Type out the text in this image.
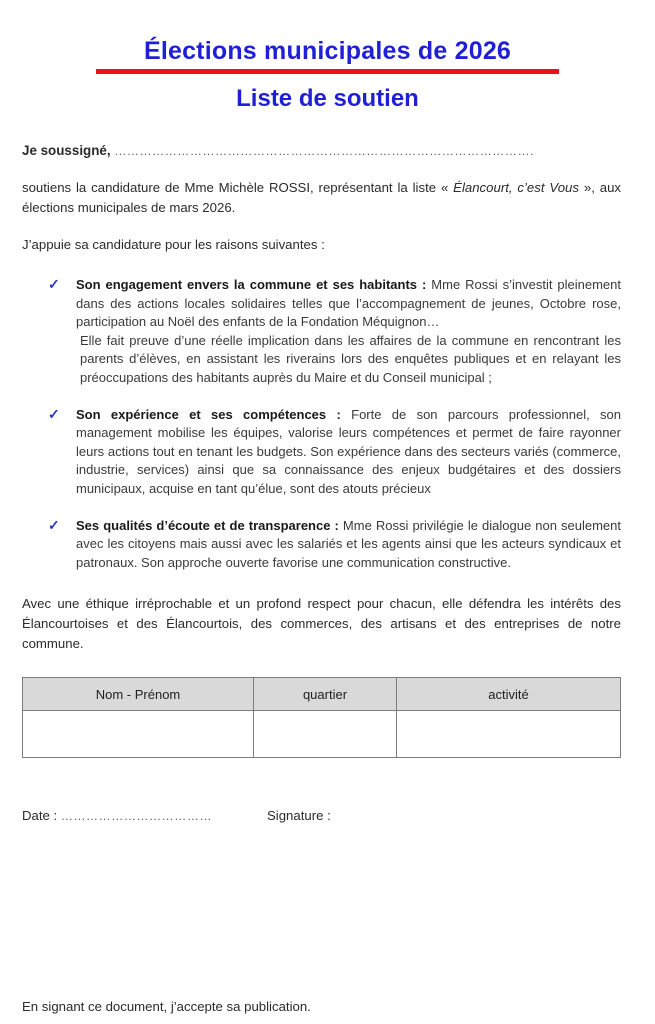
Élections municipales de 2026
Liste de soutien
Je soussigné, ……………………………………………………………………………………….
soutiens la candidature de Mme Michèle ROSSI, représentant la liste « Élancourt, c’est Vous », aux élections municipales de mars 2026.
J’appuie sa candidature pour les raisons suivantes :
✓ Son engagement envers la commune et ses habitants : Mme Rossi s’investit pleinement dans des actions locales solidaires telles que l’accompagnement de jeunes, Octobre rose, participation au Noël des enfants de la Fondation Méquignon…

Elle fait preuve d’une réelle implication dans les affaires de la commune en rencontrant les parents d’élèves, en assistant les riverains lors des enquêtes publiques et en relayant les préoccupations des habitants auprès du Maire et du Conseil municipal ;

✓ Son expérience et ses compétences : Forte de son parcours professionnel, son management mobilise les équipes, valorise leurs compétences et permet de faire rayonner leurs actions tout en tenant les budgets. Son expérience dans des secteurs variés (commerce, industrie, services) ainsi que sa connaissance des enjeux budgétaires et des dossiers municipaux, acquise en tant qu’élue, sont des atouts précieux

✓ Ses qualités d’écoute et de transparence : Mme Rossi privilégie le dialogue non seulement avec les citoyens mais aussi avec les salariés et les agents ainsi que les acteurs syndicaux et patronaux. Son approche ouverte favorise une communication constructive.

Avec une éthique irréprochable et un profond respect pour chacun, elle défendra les intérêts des Élancourtoises et des Élancourtois, des commerces, des artisans et des entreprises de notre commune.
Nom - Prénom	quartier	activité

Date : ………………………………	Signature :
En signant ce document, j’accepte sa publication.
